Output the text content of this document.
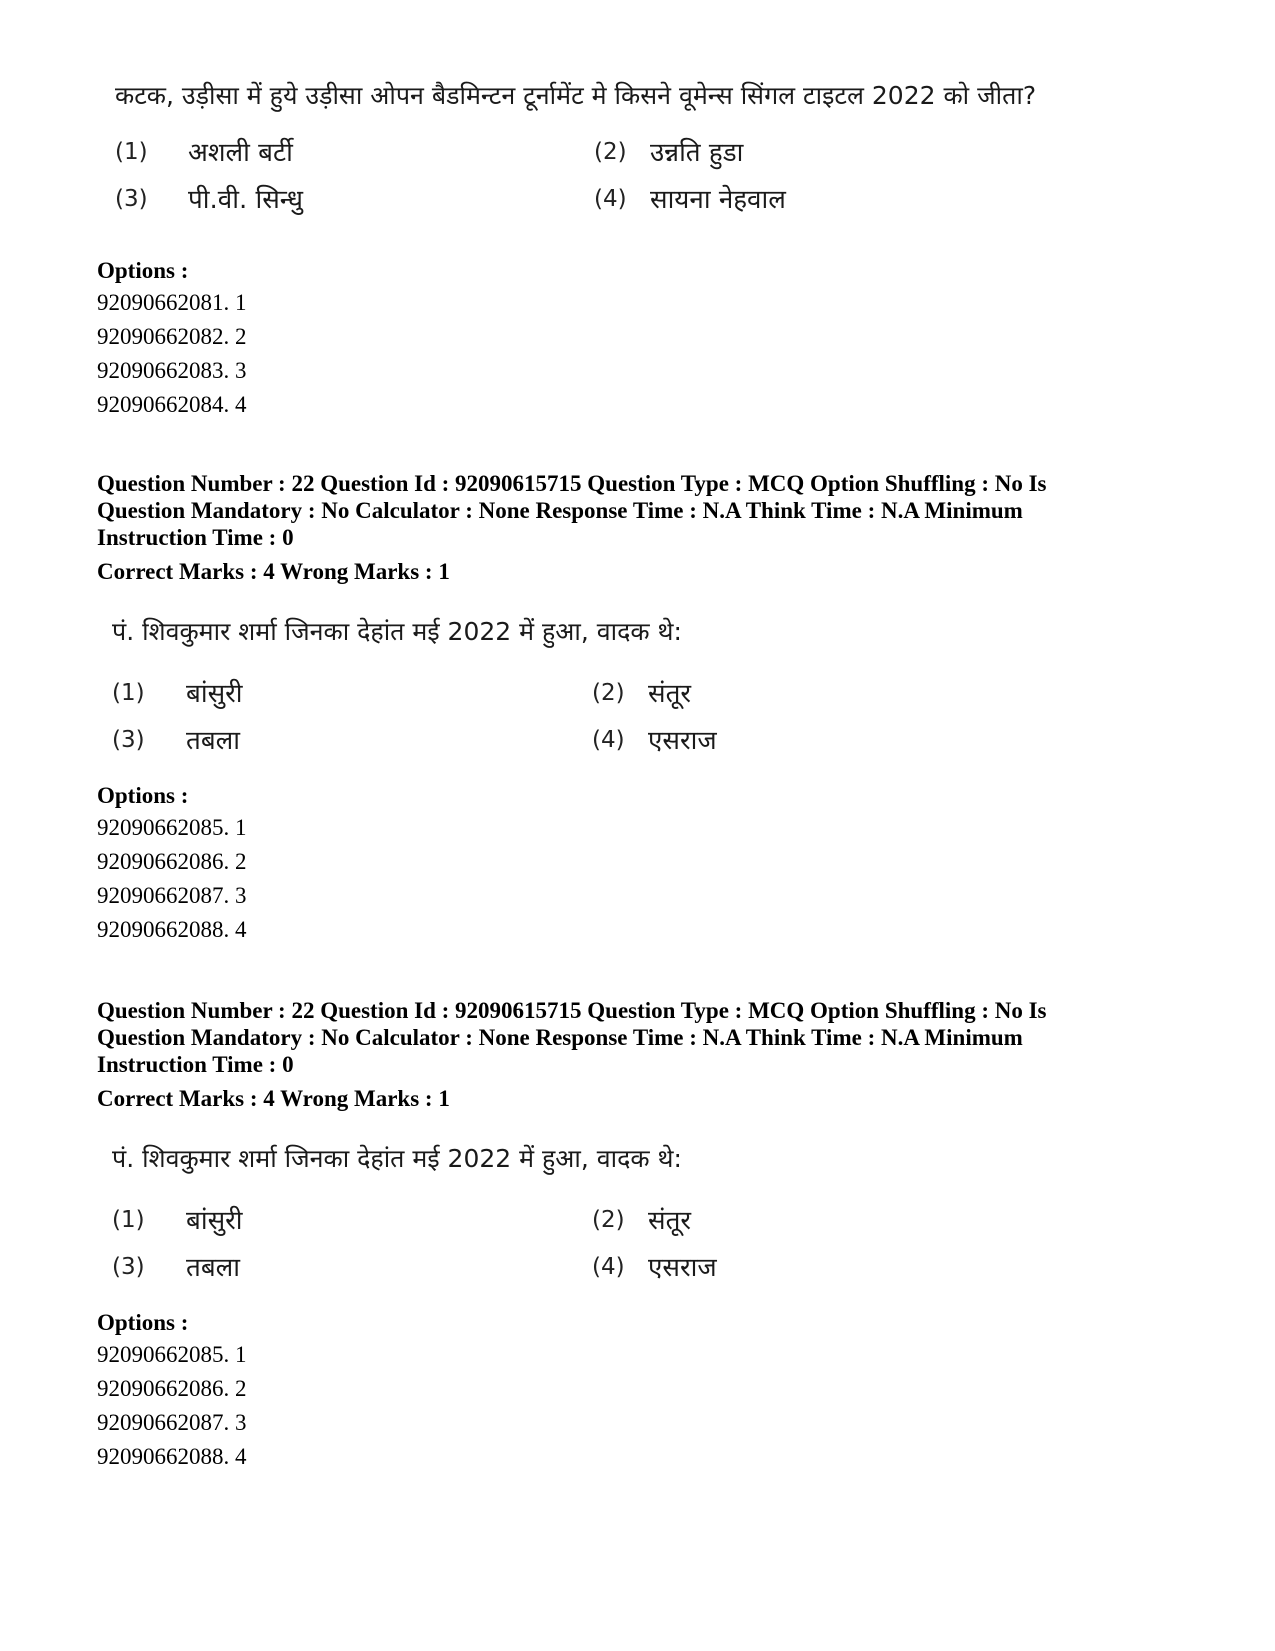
कटक, उड़ीसा में हुये उड़ीसा ओपन बैडमिन्टन टूर्नामेंट मे किसने वूमेन्स सिंगल टाइटल 2022 को जीता?
(1) अशली बर्टी	(2) उन्नति हुडा
(3) पी.वी. सिन्धु	(4) सायना नेहवाल
Options :
92090662081. 1
92090662082. 2
92090662083. 3
92090662084. 4
Question Number : 22 Question Id : 92090615715 Question Type : MCQ Option Shuffling : No Is
Question Mandatory : No Calculator : None Response Time : N.A Think Time : N.A Minimum
Instruction Time : 0
Correct Marks : 4 Wrong Marks : 1
पं. शिवकुमार शर्मा जिनका देहांत मई 2022 में हुआ, वादक थे:
(1) बांसुरी	(2) संतूर
(3) तबला	(4) एसराज
Options :
92090662085. 1
92090662086. 2
92090662087. 3
92090662088. 4
Question Number : 22 Question Id : 92090615715 Question Type : MCQ Option Shuffling : No Is
Question Mandatory : No Calculator : None Response Time : N.A Think Time : N.A Minimum
Instruction Time : 0
Correct Marks : 4 Wrong Marks : 1
पं. शिवकुमार शर्मा जिनका देहांत मई 2022 में हुआ, वादक थे:
(1) बांसुरी	(2) संतूर
(3) तबला	(4) एसराज
Options :
92090662085. 1
92090662086. 2
92090662087. 3
92090662088. 4
